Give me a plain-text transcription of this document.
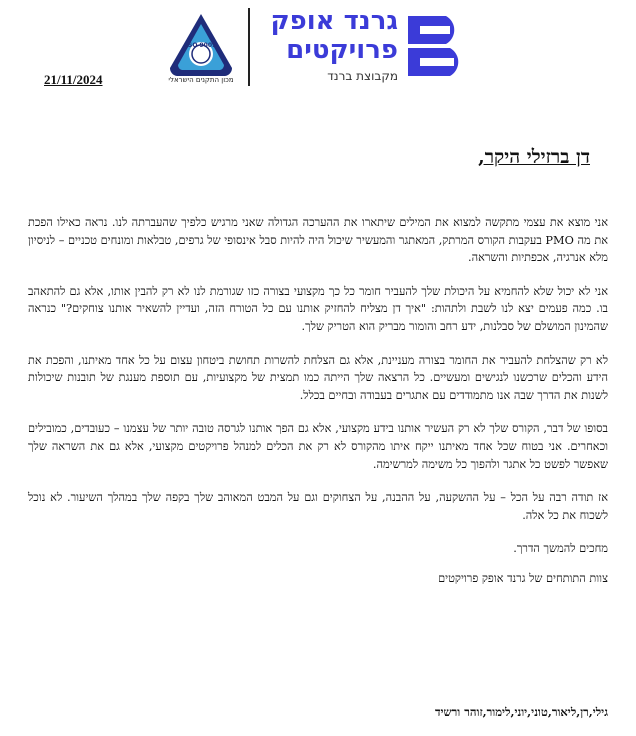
ISO 9001
מכון התקנים הישראלי
גרנד אופק
פרויקטים
מקבוצת ברנד
21/11/2024
דן ברזילי היקר,

אני מוצא את עצמי מתקשה למצוא את המילים שיתארו את ההערכה הגדולה שאני מרגיש כלפיך שהעברתה לנו. נראה כאילו הפכת את מה PMO בעקבות הקורס המרתק, המאתגר והמעשיר שיכול היה להיות סבל אינסופי של גרפים, טבלאות ומונחים טכניים – לניסיון מלא אנרגיה, אכפתיות והשראה.

אני לא יכול שלא להחמיא על היכולת שלך להעביר חומר כל כך מקצועי בצורה כזו שגורמת לנו לא רק להבין אותו, אלא גם להתאהב בו. כמה פעמים יצא לנו לשבת ולתהות: "איך דן מצליח להחזיק אותנו עם כל הטורח הזה, ועדיין להשאיר אותנו צוחקים?" כנראה שהמינון המושלם של סבלנות, ידע רחב והומור מבריק הוא הטריק שלך.

לא רק שהצלחת להעביר את החומר בצורה מעניינת, אלא גם הצלחת להשרות תחושת ביטחון עצום על כל אחד מאיתנו, והפכת את הידע והכלים שרכשנו לנגישים ומעשיים. כל הרצאה שלך הייתה כמו תמצית של מקצועיות, עם תוספת מענגת של תובנות שיכולות לשנות את הדרך שבה אנו מתמודדים עם אתגרים בעבודה ובחיים בכלל.

בסופו של דבר, הקורס שלך לא רק העשיר אותנו בידע מקצועי, אלא גם הפך אותנו לגרסה טובה יותר של עצמנו – כעובדים, כמובילים וכאחרים. אני בטוח שכל אחד מאיתנו ייקח איתו מהקורס לא רק את הכלים למנהל פרויקטים מקצועי, אלא גם את השראה שלך שאפשר לפשט כל אתגר ולהפוך כל משימה למרשימה.

אז תודה רבה על הכל – על ההשקעה, על ההבנה, על הצחוקים וגם על המבט המאוהב שלך בקפה שלך במהלך השיעור. לא נוכל לשכוח את כל אלה.

מחכים להמשך הדרך.

צוות התותחים של גרנד אופק פרויקטים

גילי,רן,ליאור,טוני,יוני,לימור,זוהר ורשיד
